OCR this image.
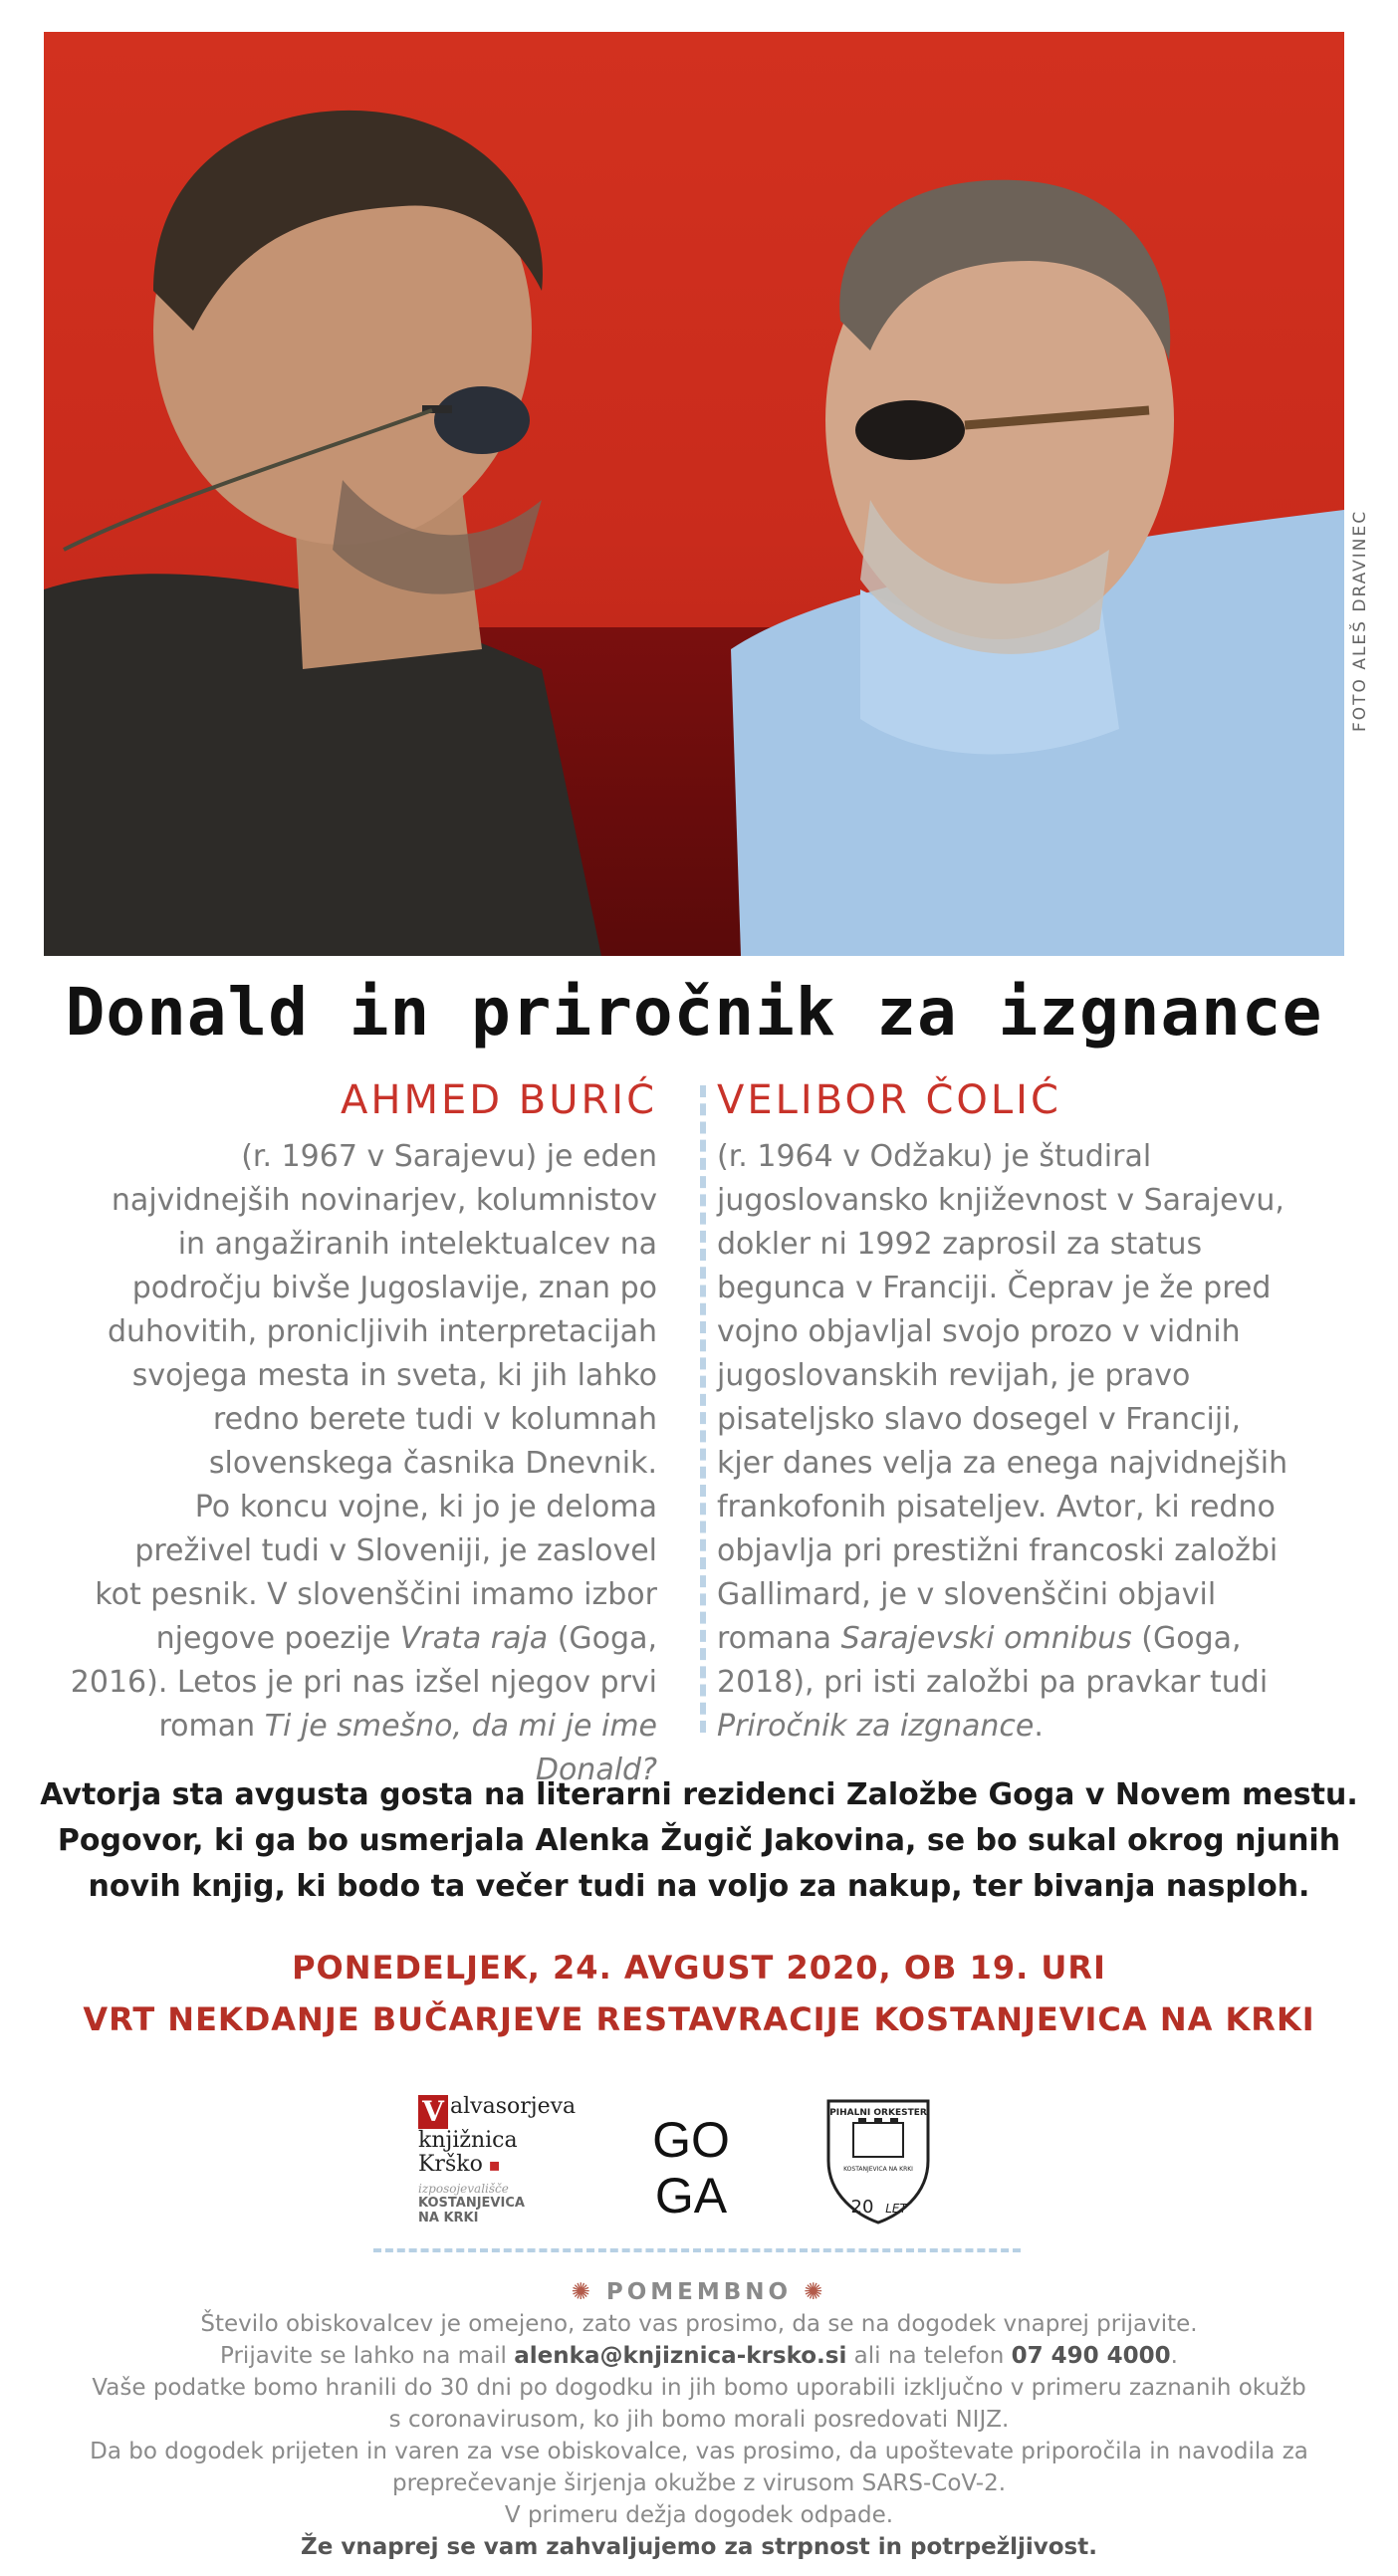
FOTO ALEŠ DRAVINEC
Donald in priročnik za izgnance
AHMED BURIĆ

(r. 1967 v Sarajevu) je eden
najvidnejših novinarjev, kolumnistov
in angažiranih intelektualcev na
področju bivše Jugoslavije, znan po
duhovitih, pronicljivih interpretacijah
svojega mesta in sveta, ki jih lahko
redno berete tudi v kolumnah
slovenskega časnika Dnevnik.
Po koncu vojne, ki jo je deloma
preživel tudi v Sloveniji, je zaslovel
kot pesnik. V slovenščini imamo izbor
njegove poezije Vrata raja (Goga,
2016). Letos je pri nas izšel njegov prvi
roman Ti je smešno, da mi je ime Donald?

VELIBOR ČOLIĆ

(r. 1964 v Odžaku) je študiral
jugoslovansko književnost v Sarajevu,
dokler ni 1992 zaprosil za status
begunca v Franciji. Čeprav je že pred
vojno objavljal svojo prozo v vidnih
jugoslovanskih revijah, je pravo
pisateljsko slavo dosegel v Franciji,
kjer danes velja za enega najvidnejših
frankofonih pisateljev. Avtor, ki redno
objavlja pri prestižni francoski založbi
Gallimard, je v slovenščini objavil
romana Sarajevski omnibus (Goga,
2018), pri isti založbi pa pravkar tudi
Priročnik za izgnance.

Avtorja sta avgusta gosta na literarni rezidenci Založbe Goga v Novem mestu.
Pogovor, ki ga bo usmerjala Alenka Žugič Jakovina, se bo sukal okrog njunih
novih knjig, ki bodo ta večer tudi na voljo za nakup, ter bivanja nasploh.

PONEDELJEK, 24. AVGUST 2020, OB 19. URI
VRT NEKDANJE BUČARJEVE RESTAVRACIJE KOSTANJEVICA NA KRKI
V alvasorjeva
knjižnica
Krško ▪
izposojevališče
KOSTANJEVICA
NA KRKI
GO
GA
PIHALNI ORKESTER
KOSTANJEVICA NA KRKI
20 LET
✺ POMEMBNO ✺
Število obiskovalcev je omejeno, zato vas prosimo, da se na dogodek vnaprej prijavite.
Prijavite se lahko na mail alenka@knjiznica-krsko.si ali na telefon 07 490 4000.
Vaše podatke bomo hranili do 30 dni po dogodku in jih bomo uporabili izključno v primeru zaznanih okužb
s coronavirusom, ko jih bomo morali posredovati NIJZ.
Da bo dogodek prijeten in varen za vse obiskovalce, vas prosimo, da upoštevate priporočila in navodila za
preprečevanje širjenja okužbe z virusom SARS-CoV-2.
V primeru dežja dogodek odpade.
Že vnaprej se vam zahvaljujemo za strpnost in potrpežljivost.
